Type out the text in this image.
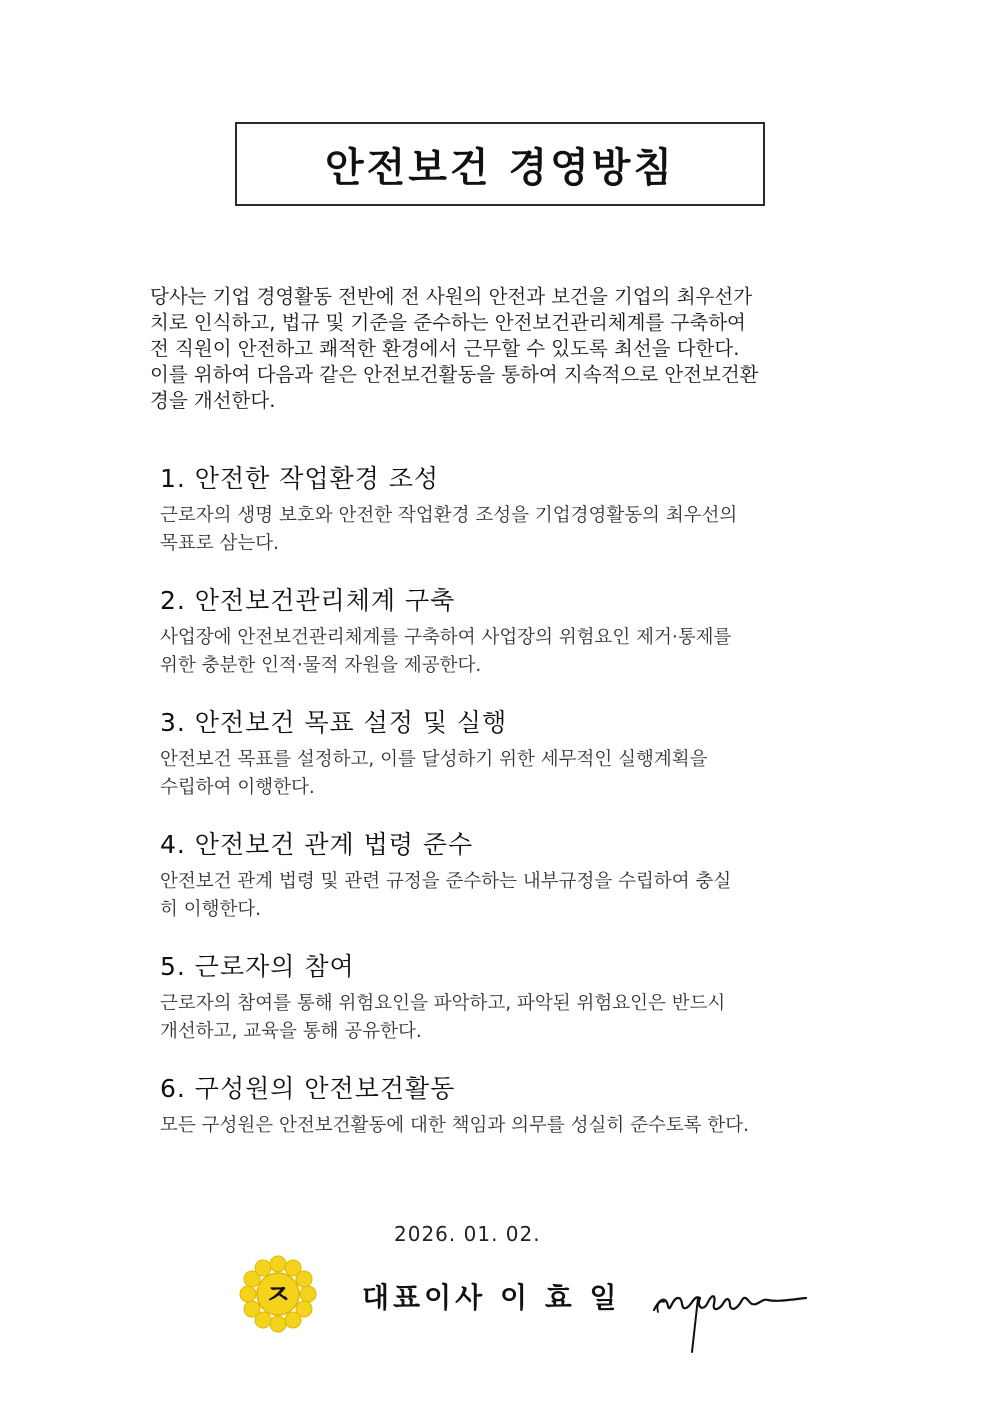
안전보건 경영방침

당사는 기업 경영활동 전반에 전 사원의 안전과 보건을 기업의 최우선가
치로 인식하고, 법규 및 기준을 준수하는 안전보건관리체계를 구축하여
전 직원이 안전하고 쾌적한 환경에서 근무할 수 있도록 최선을 다한다.
이를 위하여 다음과 같은 안전보건활동을 통하여 지속적으로 안전보건환
경을 개선한다.

1. 안전한 작업환경 조성

근로자의 생명 보호와 안전한 작업환경 조성을 기업경영활동의 최우선의
목표로 삼는다.

2. 안전보건관리체계 구축

사업장에 안전보건관리체계를 구축하여 사업장의 위험요인 제거·통제를
위한 충분한 인적·물적 자원을 제공한다.

3. 안전보건 목표 설정 및 실행

안전보건 목표를 설정하고, 이를 달성하기 위한 세무적인 실행계획을
수립하여 이행한다.

4. 안전보건 관계 법령 준수

안전보건 관계 법령 및 관련 규정을 준수하는 내부규정을 수립하여 충실
히 이행한다.

5. 근로자의 참여

근로자의 참여를 통해 위험요인을 파악하고, 파악된 위험요인은 반드시
개선하고, 교육을 통해 공유한다.

6. 구성원의 안전보건활동

모든 구성원은 안전보건활동에 대한 책임과 의무를 성실히 준수토록 한다.

2026. 01. 02.
ㅈ	대표이사 이 효 일
